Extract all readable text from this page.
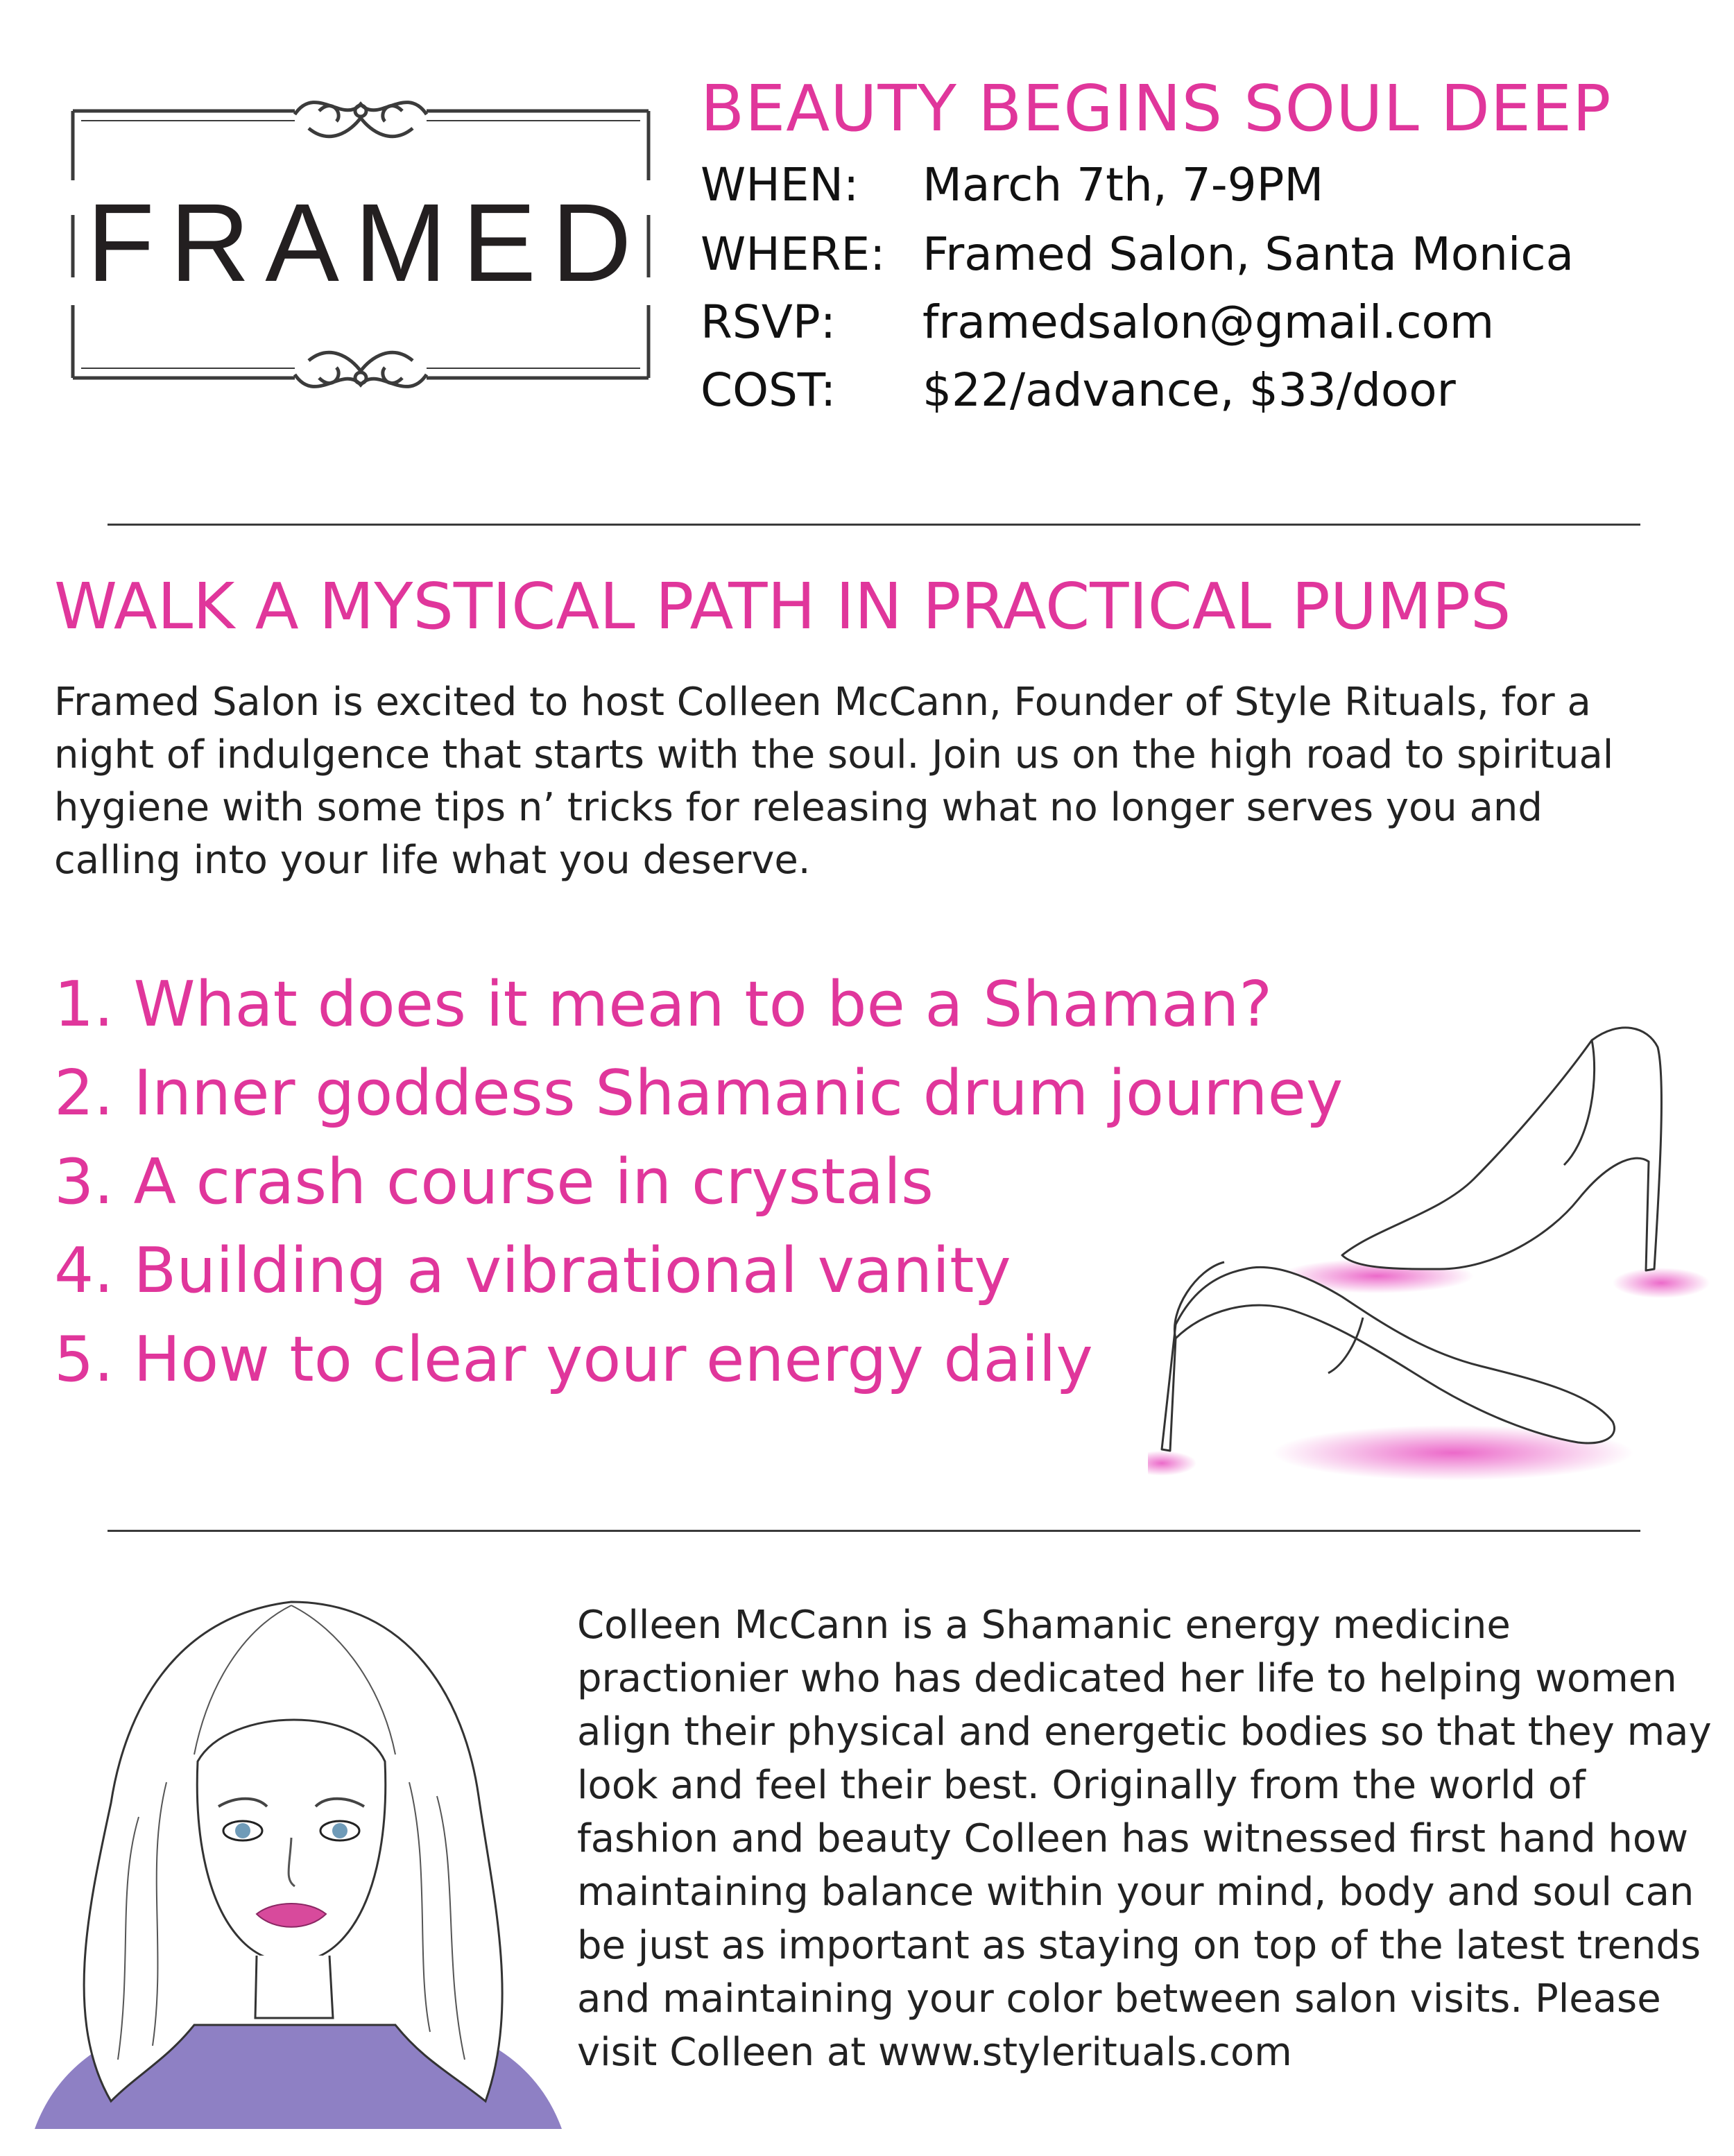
FRAMED
BEAUTY BEGINS SOUL DEEP
WHEN: March 7th, 7-9PM
WHERE: Framed Salon, Santa Monica
RSVP: framedsalon@gmail.com
COST: $22/advance, $33/door
WALK A MYSTICAL PATH IN PRACTICAL PUMPS
Framed Salon is excited to host Colleen McCann, Founder of Style Rituals, for a night of indulgence that starts with the soul. Join us on the high road to spiritual hygiene with some tips n’ tricks for releasing what no longer serves you and calling into your life what you deserve.
1. What does it mean to be a Shaman?
2. Inner goddess Shamanic drum journey
3. A crash course in crystals
4. Building a vibrational vanity
5. How to clear your energy daily
Colleen McCann is a Shamanic energy medicine practionier who has dedicated her life to helping women align their physical and energetic bodies so that they may look and feel their best. Originally from the world of fashion and beauty Colleen has witnessed first hand how maintaining balance within your mind, body and soul can be just as important as staying on top of the latest trends and maintaining your color between salon visits. Please visit Colleen at www.stylerituals.com
